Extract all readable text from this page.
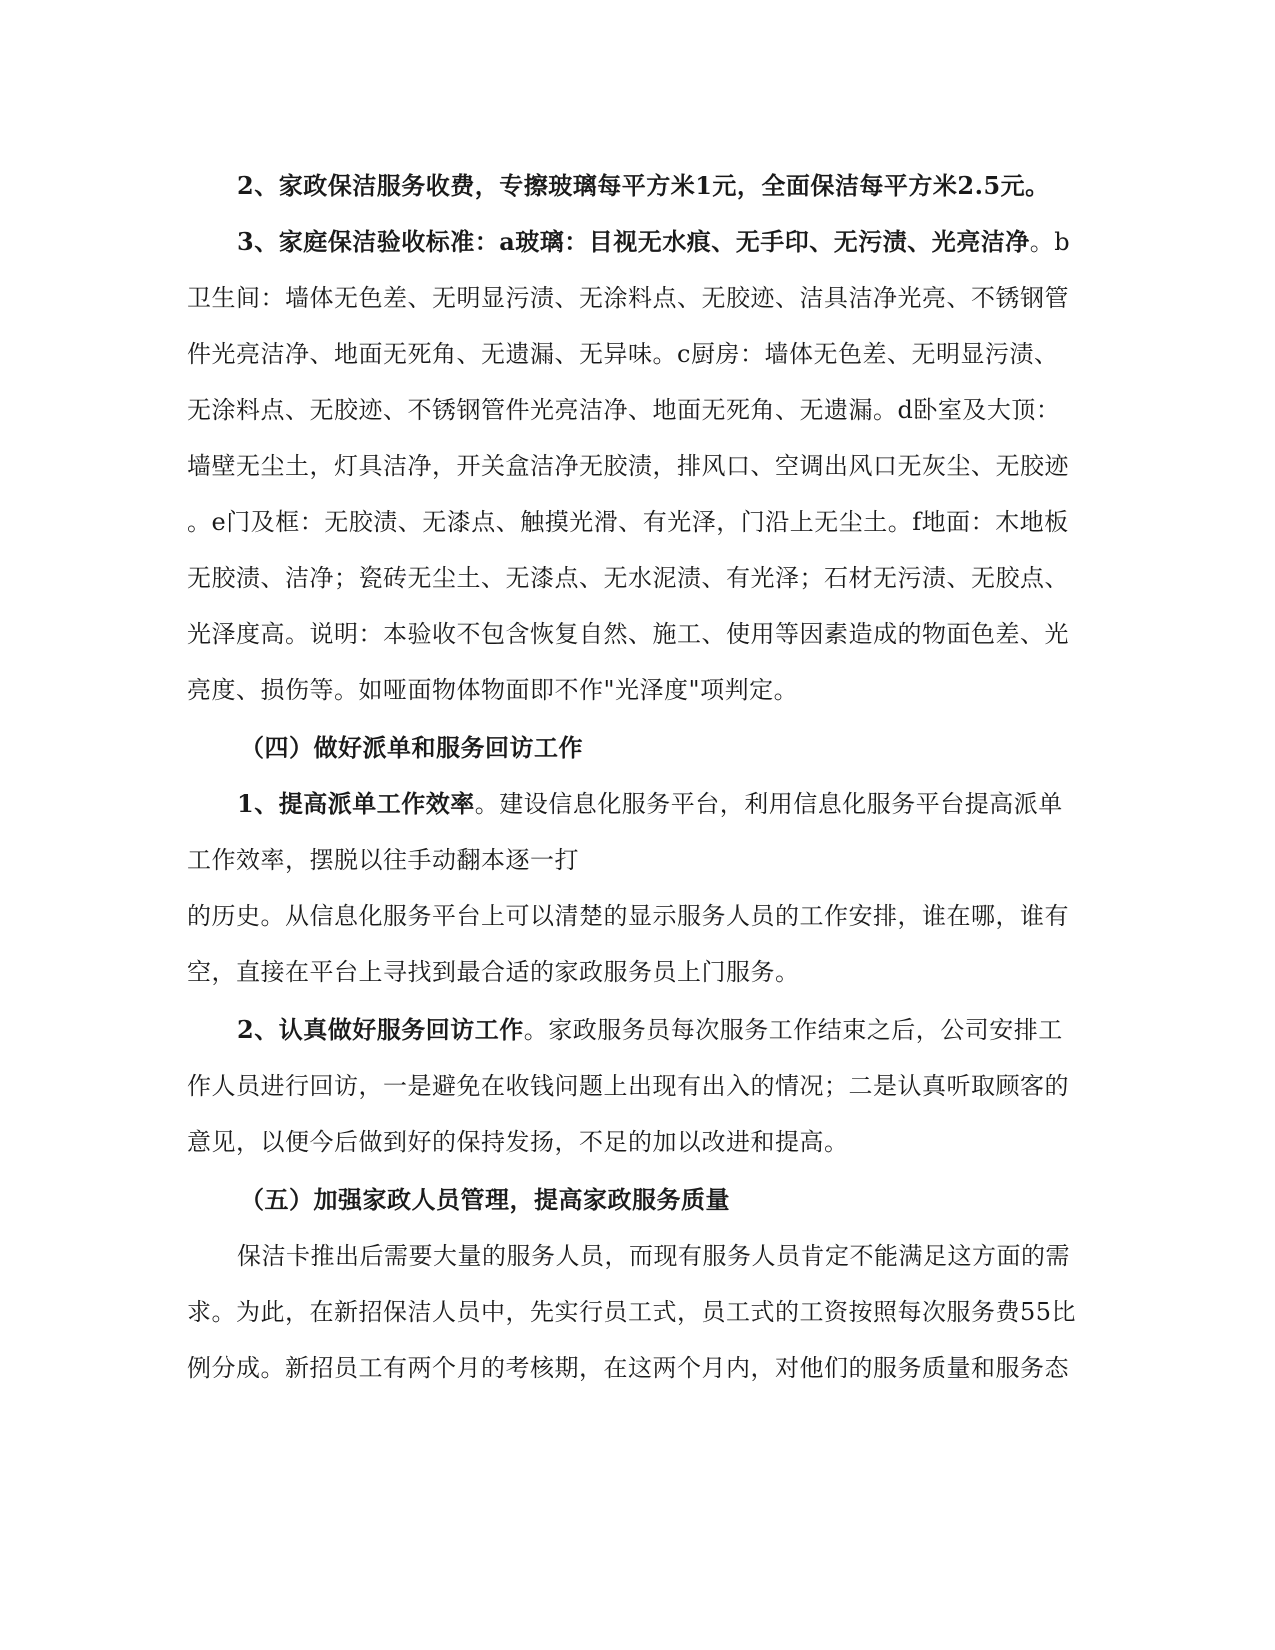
2、家政保洁服务收费，专擦玻璃每平方米1元，全面保洁每平方米2.5元。
3、家庭保洁验收标准：a玻璃：目视无水痕、无手印、无污渍、光亮洁净。b
卫生间：墙体无色差、无明显污渍、无涂料点、无胶迹、洁具洁净光亮、不锈钢管
件光亮洁净、地面无死角、无遗漏、无异味。c厨房：墙体无色差、无明显污渍、
无涂料点、无胶迹、不锈钢管件光亮洁净、地面无死角、无遗漏。d卧室及大顶：
墙壁无尘土，灯具洁净，开关盒洁净无胶渍，排风口、空调出风口无灰尘、无胶迹
。e门及框：无胶渍、无漆点、触摸光滑、有光泽，门沿上无尘土。f地面：木地板
无胶渍、洁净；瓷砖无尘土、无漆点、无水泥渍、有光泽；石材无污渍、无胶点、
光泽度高。说明：本验收不包含恢复自然、施工、使用等因素造成的物面色差、光
亮度、损伤等。如哑面物体物面即不作"光泽度"项判定。
（四）做好派单和服务回访工作
1、提高派单工作效率。建设信息化服务平台，利用信息化服务平台提高派单
工作效率，摆脱以往手动翻本逐一打
的历史。从信息化服务平台上可以清楚的显示服务人员的工作安排，谁在哪，谁有
空，直接在平台上寻找到最合适的家政服务员上门服务。
2、认真做好服务回访工作。家政服务员每次服务工作结束之后，公司安排工
作人员进行回访，一是避免在收钱问题上出现有出入的情况；二是认真听取顾客的
意见，以便今后做到好的保持发扬，不足的加以改进和提高。
（五）加强家政人员管理，提高家政服务质量
保洁卡推出后需要大量的服务人员，而现有服务人员肯定不能满足这方面的需
求。为此，在新招保洁人员中，先实行员工式，员工式的工资按照每次服务费55比
例分成。新招员工有两个月的考核期，在这两个月内，对他们的服务质量和服务态
